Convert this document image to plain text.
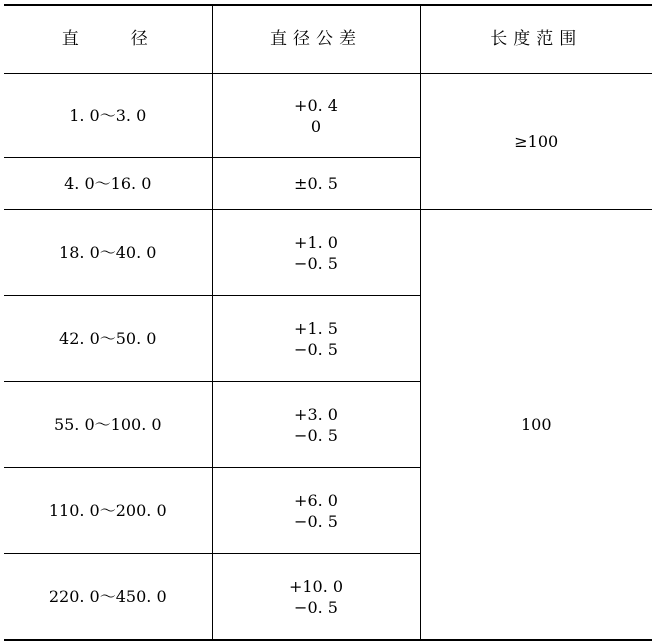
直　　径	直径公差	长度范围
1. 0～3. 0	+0. 4
0	≥100
4. 0～16. 0	±0. 5	
18. 0～40. 0	+1. 0
−0. 5	100
42. 0～50. 0	+1. 5
−0. 5	

55. 0～100. 0	+3. 0
−0. 5	

110. 0～200. 0	+6. 0
−0. 5	

220. 0～450. 0	+10. 0
−0. 5	
